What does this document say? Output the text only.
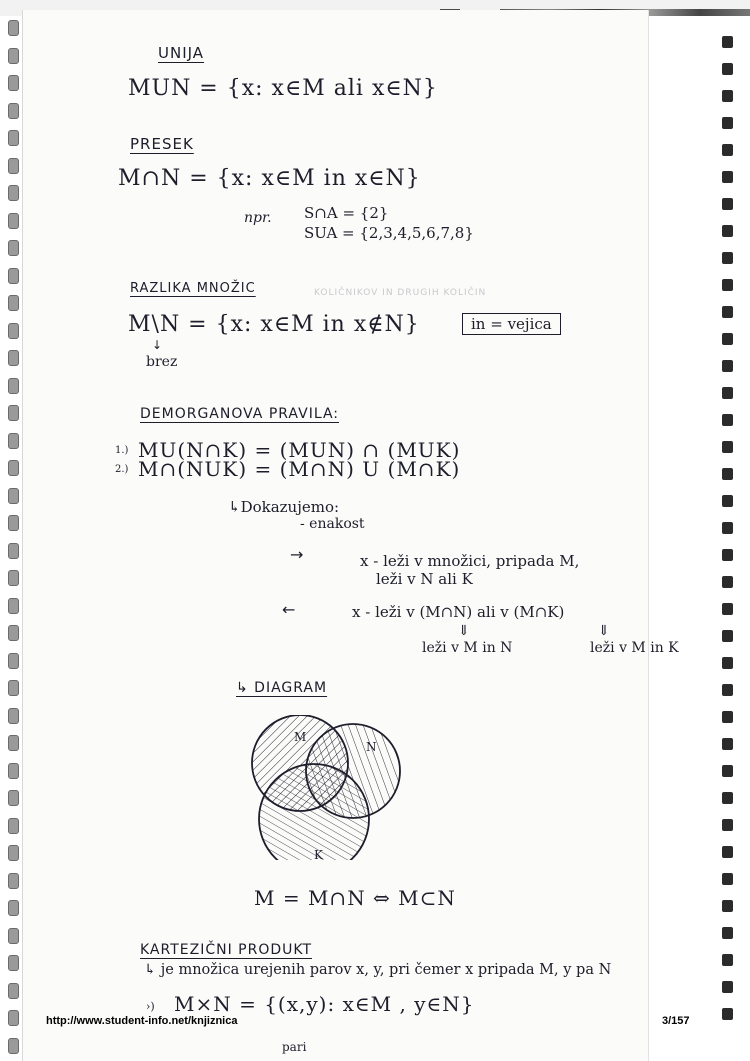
UNIJA
MUN = {x: x∈M ali x∈N}
PRESEK
M∩N = {x: x∈M in x∈N}
npr. S∩A = {2}
SUA = {2,3,4,5,6,7,8}
RAZLIKA MNOŽIC	KOLIČNIKOV IN DRUGIH KOLIČIN
M\N = {x: x∈M in x∉N}	in = vejica
↓
brez
DEMORGANOVA PRAVILA:
1.) MU(N∩K) = (MUN) ∩ (MUK)
2.) M∩(NUK) = (M∩N) U (M∩K)
↳Dokazujemo:
- enakost
→	x - leži v množici, pripada M,
leži v N ali K
←	x - leži v (M∩N) ali v (M∩K)
⇓	⇓
leži v M in N	leži v M in K
↳ DIAGRAM
M
N
K
M = M∩N ⇔ M⊂N
KARTEZIČNI PRODUKT
↳ je množica urejenih parov x, y, pri čemer x pripada M, y pa N
›) M×N = {(x,y): x∈M , y∈N}
pari
http://www.student-info.net/knjiznica	3/157
